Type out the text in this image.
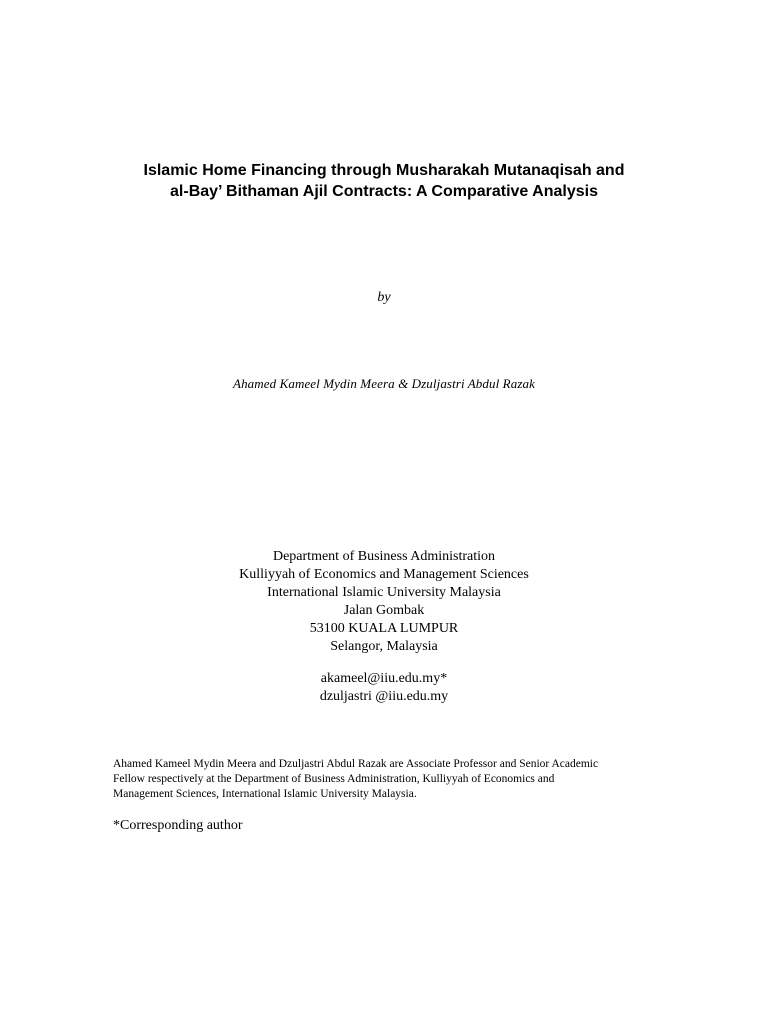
Islamic Home Financing through Musharakah Mutanaqisah and
al-Bay’ Bithaman Ajil Contracts: A Comparative Analysis
by
Ahamed Kameel Mydin Meera & Dzuljastri Abdul Razak
Department of Business Administration
Kulliyyah of Economics and Management Sciences
International Islamic University Malaysia
Jalan Gombak
53100 KUALA LUMPUR
Selangor, Malaysia
akameel@iiu.edu.my*
dzuljastri @iiu.edu.my
Ahamed Kameel Mydin Meera and Dzuljastri Abdul Razak are Associate Professor and Senior Academic
Fellow respectively at the Department of Business Administration, Kulliyyah of Economics and
Management Sciences, International Islamic University Malaysia.
*Corresponding author
